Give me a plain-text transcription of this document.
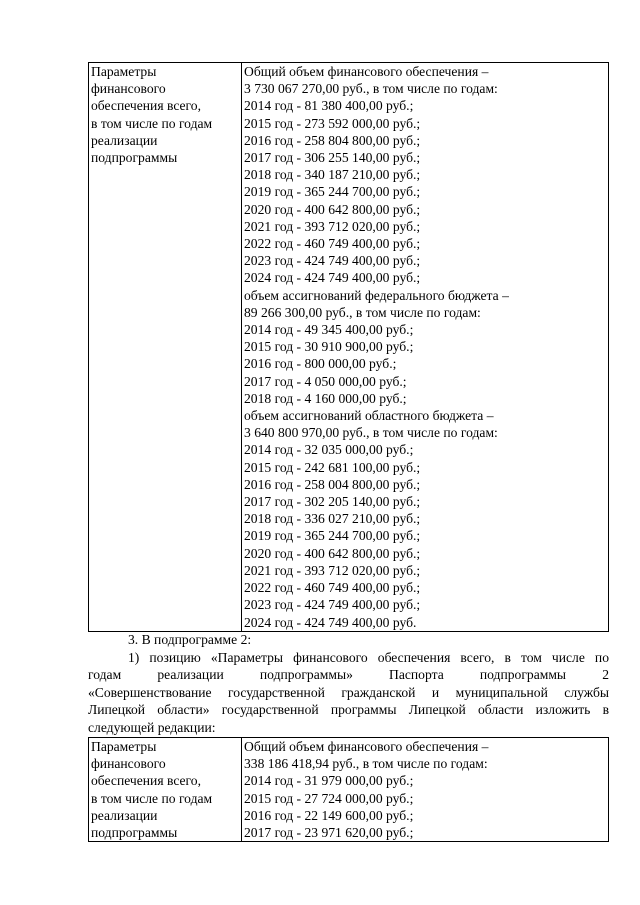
Параметры
финансового
обеспечения всего,
в том числе по годам
реализации
подпрограммы

Общий объем финансового обеспечения –
3 730 067 270,00 руб., в том числе по годам:
2014 год - 81 380 400,00 руб.;
2015 год - 273 592 000,00 руб.;
2016 год - 258 804 800,00 руб.;
2017 год - 306 255 140,00 руб.;
2018 год - 340 187 210,00 руб.;
2019 год - 365 244 700,00 руб.;
2020 год - 400 642 800,00 руб.;
2021 год - 393 712 020,00 руб.;
2022 год - 460 749 400,00 руб.;
2023 год - 424 749 400,00 руб.;
2024 год - 424 749 400,00 руб.;
объем ассигнований федерального бюджета –
89 266 300,00 руб., в том числе по годам:
2014 год - 49 345 400,00 руб.;
2015 год - 30 910 900,00 руб.;
2016 год - 800 000,00 руб.;
2017 год - 4 050 000,00 руб.;
2018 год - 4 160 000,00 руб.;
объем ассигнований областного бюджета –
3 640 800 970,00 руб., в том числе по годам:
2014 год - 32 035 000,00 руб.;
2015 год - 242 681 100,00 руб.;
2016 год - 258 004 800,00 руб.;
2017 год - 302 205 140,00 руб.;
2018 год - 336 027 210,00 руб.;
2019 год - 365 244 700,00 руб.;
2020 год - 400 642 800,00 руб.;
2021 год - 393 712 020,00 руб.;
2022 год - 460 749 400,00 руб.;
2023 год - 424 749 400,00 руб.;
2024 год - 424 749 400,00 руб.
3. В подпрограмме 2:
1) позицию «Параметры финансового обеспечения всего, в том числе по
годам реализации подпрограммы» Паспорта подпрограммы 2
«Совершенствование государственной гражданской и муниципальной службы
Липецкой области» государственной программы Липецкой области изложить в
следующей редакции:
Параметры
финансового
обеспечения всего,
в том числе по годам
реализации
подпрограммы

Общий объем финансового обеспечения –
338 186 418,94 руб., в том числе по годам:
2014 год - 31 979 000,00 руб.;
2015 год - 27 724 000,00 руб.;
2016 год - 22 149 600,00 руб.;
2017 год - 23 971 620,00 руб.;
